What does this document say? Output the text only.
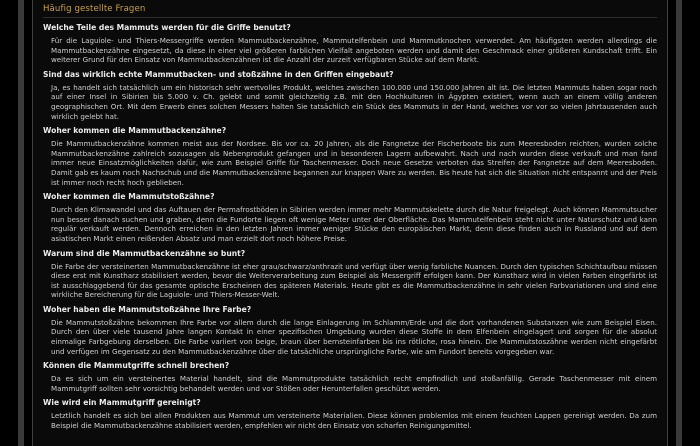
Häufig gestellte Fragen
Welche Teile des Mammuts werden für die Griffe benutzt?
Für die Laguiole- und Thiers-Messergriffe werden Mammutbackenzähne, Mammutelfenbein und Mammutknochen verwendet. Am häufigsten werden allerdings die Mammutbackenzähne eingesetzt, da diese in einer viel größeren farblichen Vielfalt angeboten werden und damit den Geschmack einer größeren Kundschaft trifft. Ein weiterer Grund für den Einsatz von Mammutbackenzähnen ist die Anzahl der zurzeit verfügbaren Stücke auf dem Markt.
Sind das wirklich echte Mammutbacken- und stoßzähne in den Griffen eingebaut?
Ja, es handelt sich tatsächlich um ein historisch sehr wertvolles Produkt, welches zwischen 100.000 und 150.000 Jahren alt ist. Die letzten Mammuts haben sogar noch auf einer Insel in Sibirien bis 5.000 v. Ch. gelebt und somit gleichzeitig z.B. mit den Hochkulturen in Ägypten existiert, wenn auch an einem völlig anderen geographischen Ort. Mit dem Erwerb eines solchen Messers halten Sie tatsächlich ein Stück des Mammuts in der Hand, welches vor vor so vielen Jahrtausenden auch wirklich gelebt hat.
Woher kommen die Mammutbackenzähne?
Die Mammutbackenzähne kommen meist aus der Nordsee. Bis vor ca. 20 Jahren, als die Fangnetze der Fischerboote bis zum Meeresboden reichten, wurden solche Mammutbackenzähne zahlreich sozusagen als Nebenprodukt gefangen und in besonderen Lagern aufbewahrt. Nach und nach wurden diese verkauft und man fand immer neue Einsatzmöglichkeiten dafür, wie zum Beispiel Griffe für Taschenmesser. Doch neue Gesetze verboten das Streifen der Fangnetze auf dem Meeresboden. Damit gab es kaum noch Nachschub und die Mammutbackenzähne begannen zur knappen Ware zu werden. Bis heute hat sich die Situation nicht entspannt und der Preis ist immer noch recht hoch geblieben.
Woher kommen die Mammutstoßzähne?
Durch den Klimawandel und das Auftauen der Permafrostböden in Sibirien werden immer mehr Mammutskelette durch die Natur freigelegt. Auch können Mammutsucher nun besser danach suchen und graben, denn die Fundorte liegen oft wenige Meter unter der Oberfläche. Das Mammutelfenbein steht nicht unter Naturschutz und kann regulär verkauft werden. Dennoch erreichen in den letzten Jahren immer weniger Stücke den europäischen Markt, denn diese finden auch in Russland und auf dem asiatischen Markt einen reißenden Absatz und man erzielt dort noch höhere Preise.
Warum sind die Mammutbackenzähne so bunt?
Die Farbe der versteinerten Mammutbackenzähne ist eher grau/schwarz/anthrazit und verfügt über wenig farbliche Nuancen. Durch den typischen Schichtaufbau müssen diese erst mit Kunstharz stabilisiert werden, bevor die Weiterverarbeitung zum Beispiel als Messergriff erfolgen kann. Der Kunstharz wird in vielen Farben eingefärbt ist ist ausschlaggebend für das gesamte optische Erscheinen des späteren Materials. Heute gibt es die Mammutbackenzähne in sehr vielen Farbvariationen und sind eine wirkliche Bereicherung für die Laguiole- und Thiers-Messer-Welt.
Woher haben die Mammutstoßzähne Ihre Farbe?
Die Mammutstoßzähne bekommen Ihre Farbe vor allem durch die lange Einlagerung im Schlamm/Erde und die dort vorhandenen Substanzen wie zum Beispiel Eisen. Durch den über viele tausend Jahre langen Kontakt in einer spezifischen Umgebung wurden diese Stoffe in dem Elfenbein eingelagert und sorgen für die absolut einmalige Farbgebung derselben. Die Farbe variiert von beige, braun über bernsteinfarben bis ins rötliche, rosa hinein. Die Mammutstoszähne werden nicht eingefärbt und verfügen im Gegensatz zu den Mammutbackenzähne über die tatsächliche ursprüngliche Farbe, wie am Fundort bereits vorgegeben war.
Können die Mammutgriffe schnell brechen?
Da es sich um ein versteinertes Material handelt, sind die Mammutprodukte tatsächlich recht empfindlich und stoßanfällig. Gerade Taschenmesser mit einem Mammutgriff sollten sehr vorsichtig behandelt werden und vor Stößen oder Herunterfallen geschützt werden.
Wie wird ein Mammutgriff gereinigt?
Letztlich handelt es sich bei allen Produkten aus Mammut um versteinerte Materialien. Diese können problemlos mit einem feuchten Lappen gereinigt werden. Da zum Beispiel die Mammutbackenzähne stabilisiert werden, empfehlen wir nicht den Einsatz von scharfen Reinigungsmittel.
